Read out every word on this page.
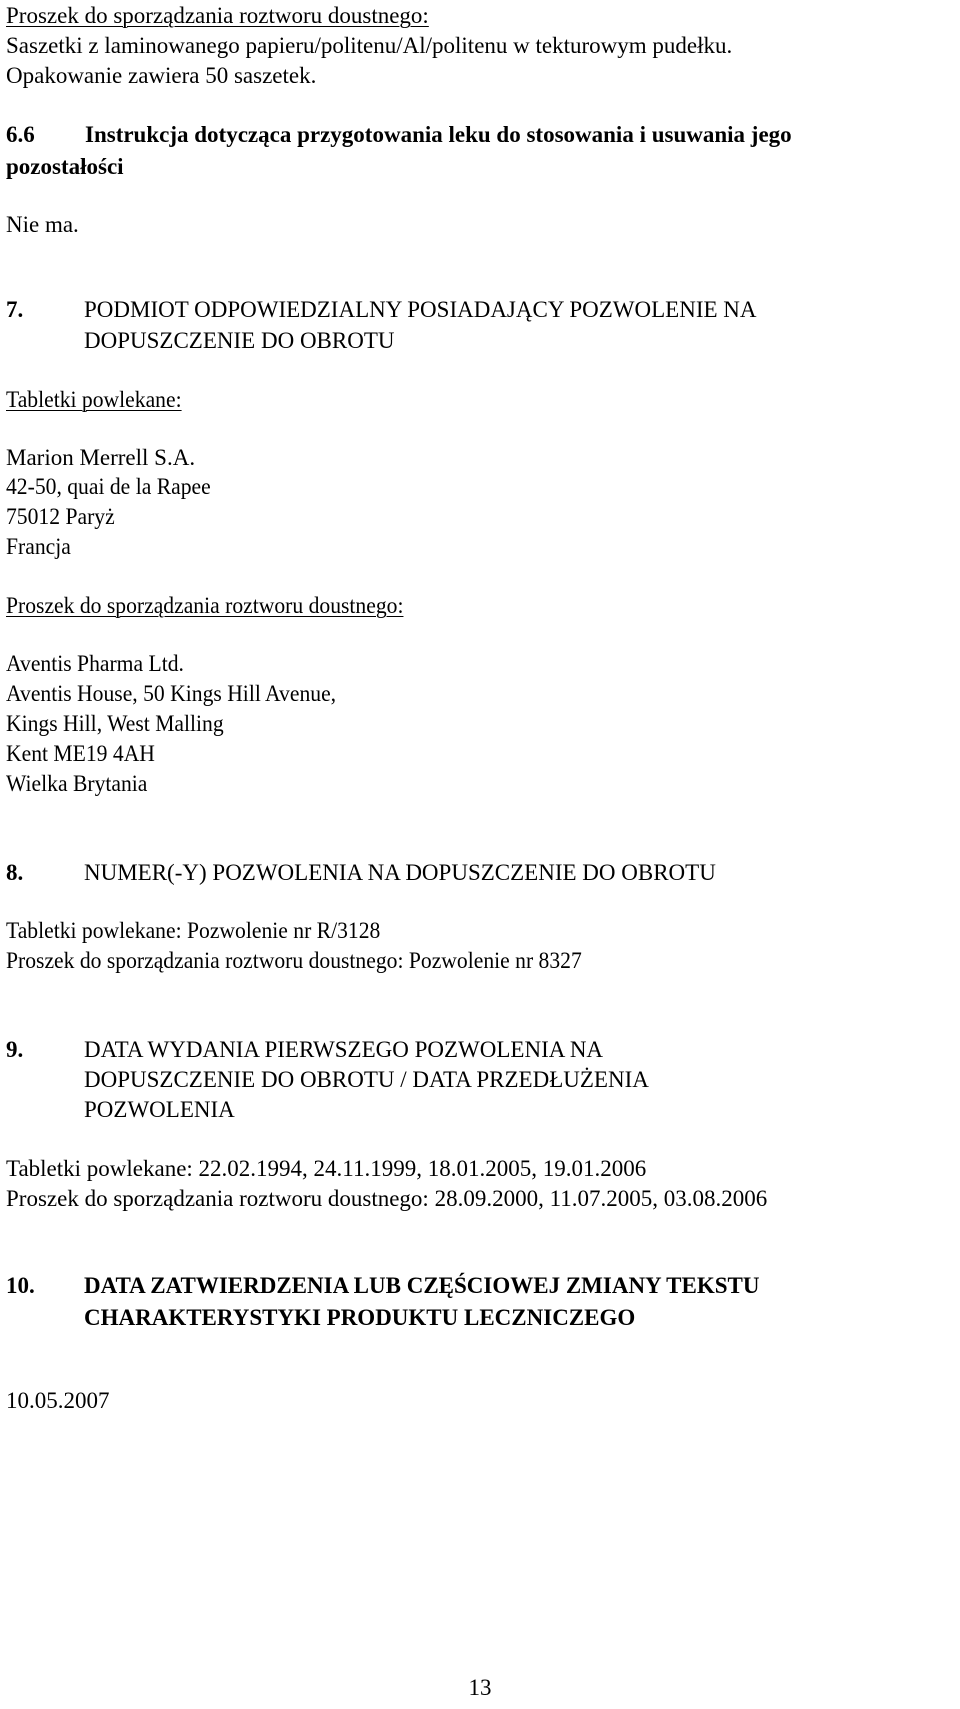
Proszek do sporządzania roztworu doustnego:
Saszetki z laminowanego papieru/politenu/Al/politenu w tekturowym pudełku.
Opakowanie zawiera 50 saszetek.
6.6 Instrukcja dotycząca przygotowania leku do stosowania i usuwania jego
pozostałości
Nie ma.
7.	PODMIOT ODPOWIEDZIALNY POSIADAJĄCY POZWOLENIE NA
DOPUSZCZENIE DO OBROTU
Tabletki powlekane:
Marion Merrell S.A.
42-50, quai de la Rapee
75012 Paryż
Francja
Proszek do sporządzania roztworu doustnego:
Aventis Pharma Ltd.
Aventis House, 50 Kings Hill Avenue,
Kings Hill, West Malling
Kent ME19 4AH
Wielka Brytania
8.	NUMER(-Y) POZWOLENIA NA DOPUSZCZENIE DO OBROTU
Tabletki powlekane: Pozwolenie nr R/3128
Proszek do sporządzania roztworu doustnego: Pozwolenie nr 8327
9.	DATA WYDANIA PIERWSZEGO POZWOLENIA NA
DOPUSZCZENIE DO OBROTU / DATA PRZEDŁUŻENIA
POZWOLENIA
Tabletki powlekane: 22.02.1994, 24.11.1999, 18.01.2005, 19.01.2006
Proszek do sporządzania roztworu doustnego: 28.09.2000, 11.07.2005, 03.08.2006
10. DATA ZATWIERDZENIA LUB CZĘŚCIOWEJ ZMIANY TEKSTU
CHARAKTERYSTYKI PRODUKTU LECZNICZEGO
10.05.2007
13
